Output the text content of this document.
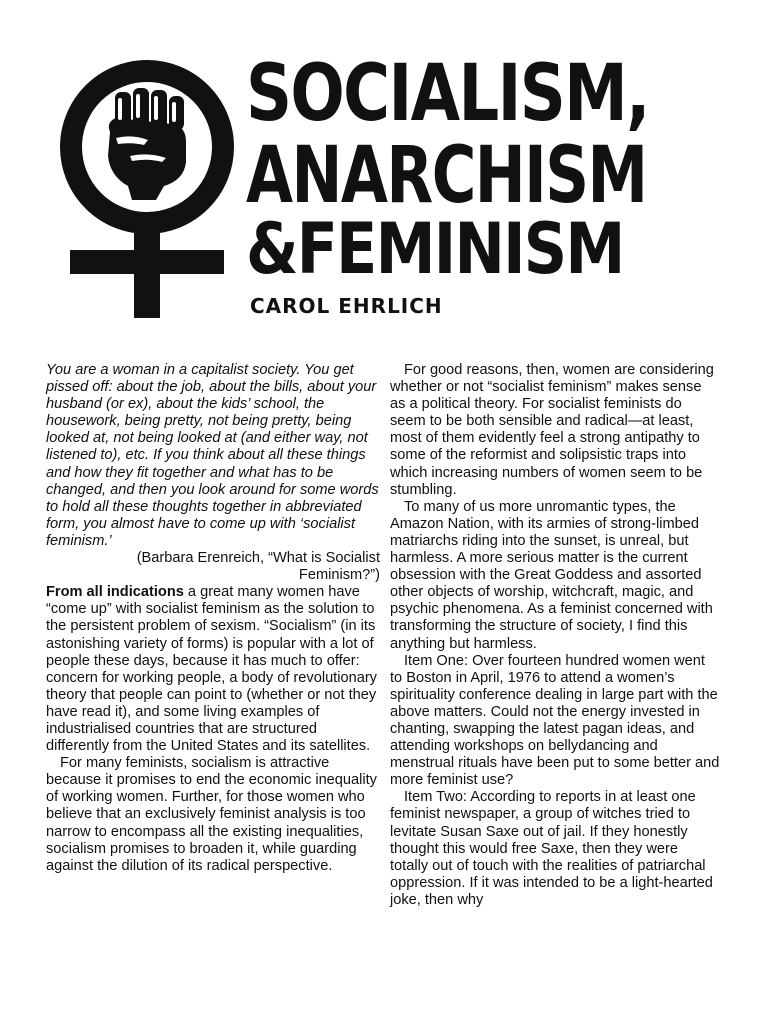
SOCIALISM,
ANARCHISM
&FEMINISM
CAROL EHRLICH

You are a woman in a capitalist society. You get pissed off: about the job, about the bills, about your husband (or ex), about the kids’ school, the housework, being pretty, not being pretty, being looked at, not being looked at (and either way, not listened to), etc. If you think about all these things and how they fit together and what has to be changed, and then you look around for some words to hold all these thoughts together in abbreviated form, you almost have to come up with ‘socialist feminism.’

(Barbara Erenreich, “What is Socialist
Feminism?”)

From all indications a great many women have “come up” with socialist feminism as the solution to the persistent problem of sexism. “Socialism” (in its astonishing variety of forms) is popular with a lot of people these days, because it has much to offer: concern for working people, a body of revolutionary theory that people can point to (whether or not they have read it), and some living examples of industrialised countries that are structured differently from the United States and its satellites.

For many feminists, socialism is attractive because it promises to end the economic inequality of working women. Further, for those women who believe that an exclusively feminist analysis is too narrow to encompass all the existing inequalities, socialism promises to broaden it, while guarding against the dilution of its radical perspective.

For good reasons, then, women are considering whether or not “socialist feminism” makes sense as a political theory. For socialist feminists do seem to be both sensible and radical—at least, most of them evidently feel a strong antipathy to some of the reformist and solipsistic traps into which increasing numbers of women seem to be stumbling.

To many of us more unromantic types, the Amazon Nation, with its armies of strong-limbed matriarchs riding into the sunset, is unreal, but harmless. A more serious matter is the current obsession with the Great Goddess and assorted other objects of worship, witchcraft, magic, and psychic phenomena. As a feminist concerned with transforming the structure of society, I find this anything but harmless.

Item One: Over fourteen hundred women went to Boston in April, 1976 to attend a women’s spirituality conference dealing in large part with the above matters. Could not the energy invested in chanting, swapping the latest pagan ideas, and attending workshops on bellydancing and menstrual rituals have been put to some better and more feminist use?

Item Two: According to reports in at least one feminist newspaper, a group of witches tried to levitate Susan Saxe out of jail. If they honestly thought this would free Saxe, then they were totally out of touch with the realities of patriarchal oppression. If it was intended to be a light-hearted joke, then why
